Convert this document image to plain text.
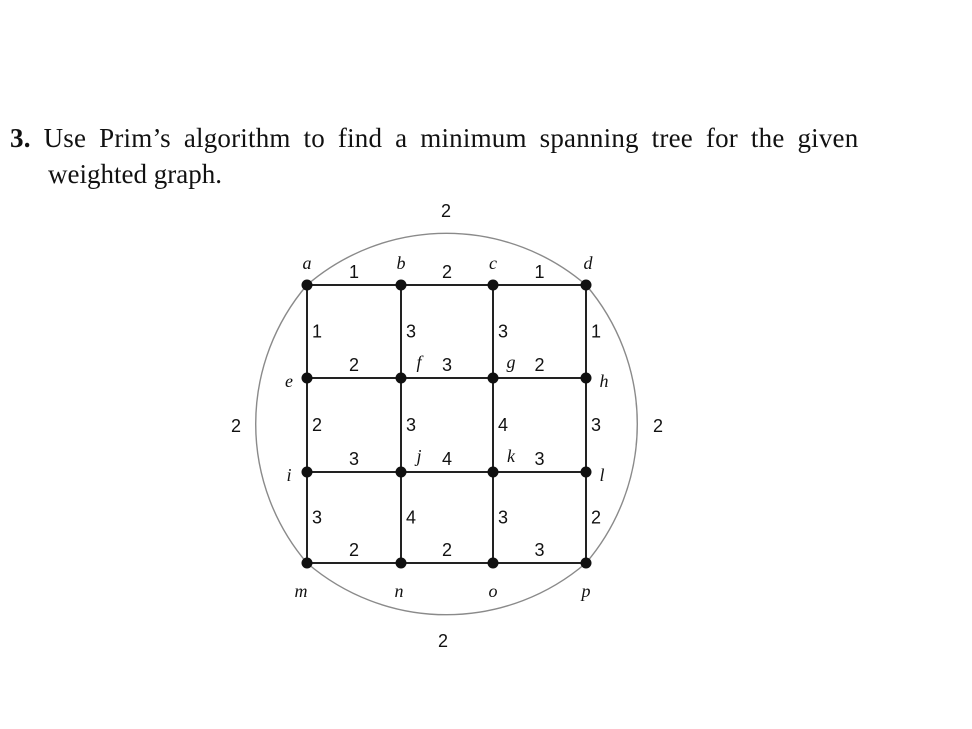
3. Use Prim’s algorithm to find a minimum spanning tree for the given
weighted graph.
1	2	1
2	3	2
3	4	3
2	2	3
1
2
3
3
3
4
3
4
3
1
3
2
2
2
2	2
a	b	c	d
e
f	g
h
i
j	k
l
m	n	o	p
